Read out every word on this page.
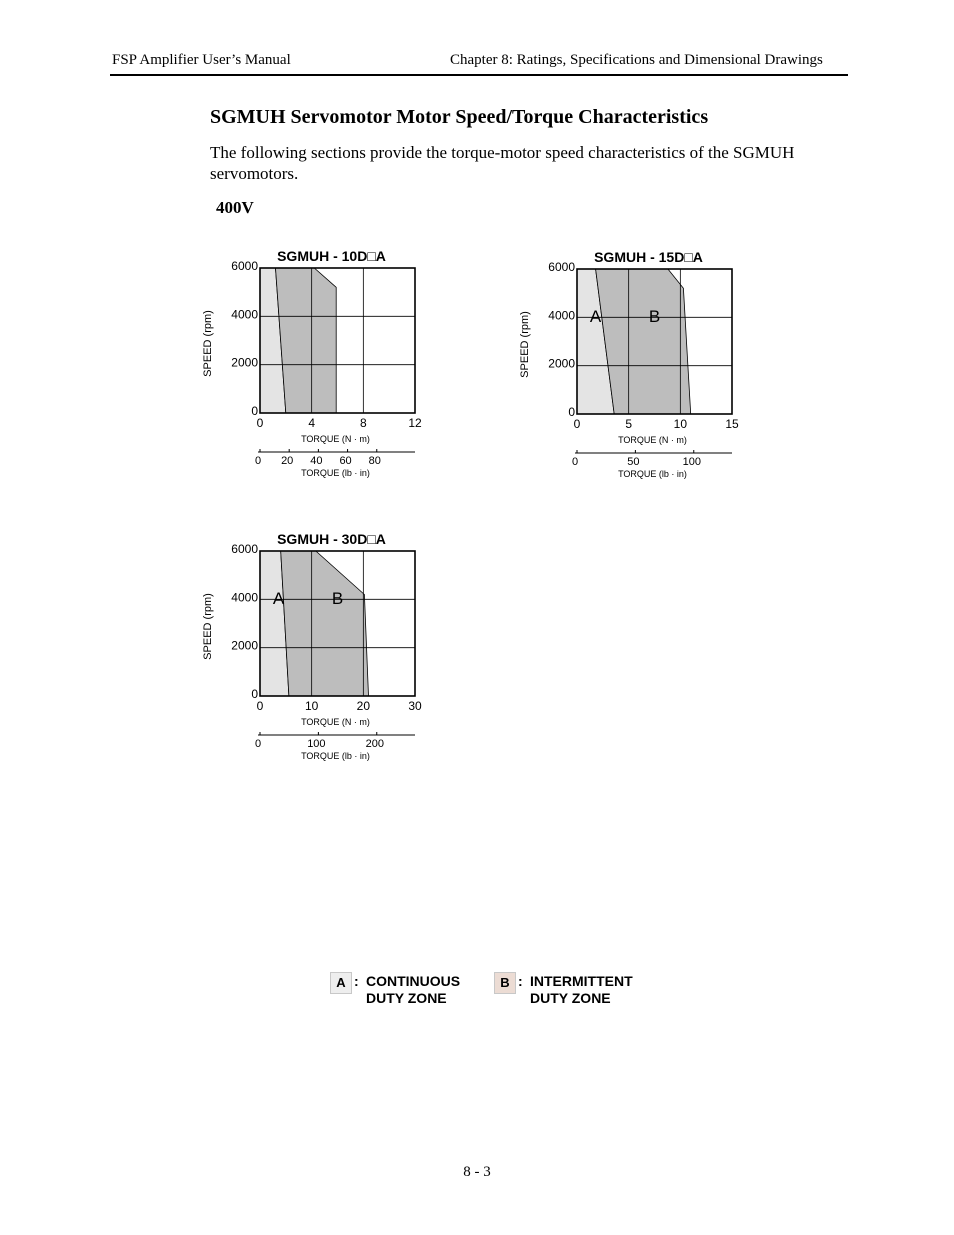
FSP Amplifier User’s Manual	Chapter 8: Ratings, Specifications and Dimensional Drawings
SGMUH Servomotor Motor Speed/Torque Characteristics

The following sections provide the torque-motor speed characteristics of the SGMUH servomotors.

400V
SGMUH - 10D□A
0	4	8	12
0
2000
4000
6000
TORQUE (N · m)
0 20 40 60 80
TORQUE (lb · in)
SPEED (rpm)
SGMUH - 15D□A
0	5	10	15
0
2000
4000
6000
TORQUE (N · m)
0	50	100
TORQUE (lb · in)
SPEED (rpm)	A	B
SGMUH - 30D□A
0	10	20	30
0
2000
4000
6000
TORQUE (N · m)
0	100	200
TORQUE (lb · in)
SPEED (rpm)	A	B
A : CONTINUOUS
DUTY ZONE
B : INTERMITTENT
DUTY ZONE
8 - 3
